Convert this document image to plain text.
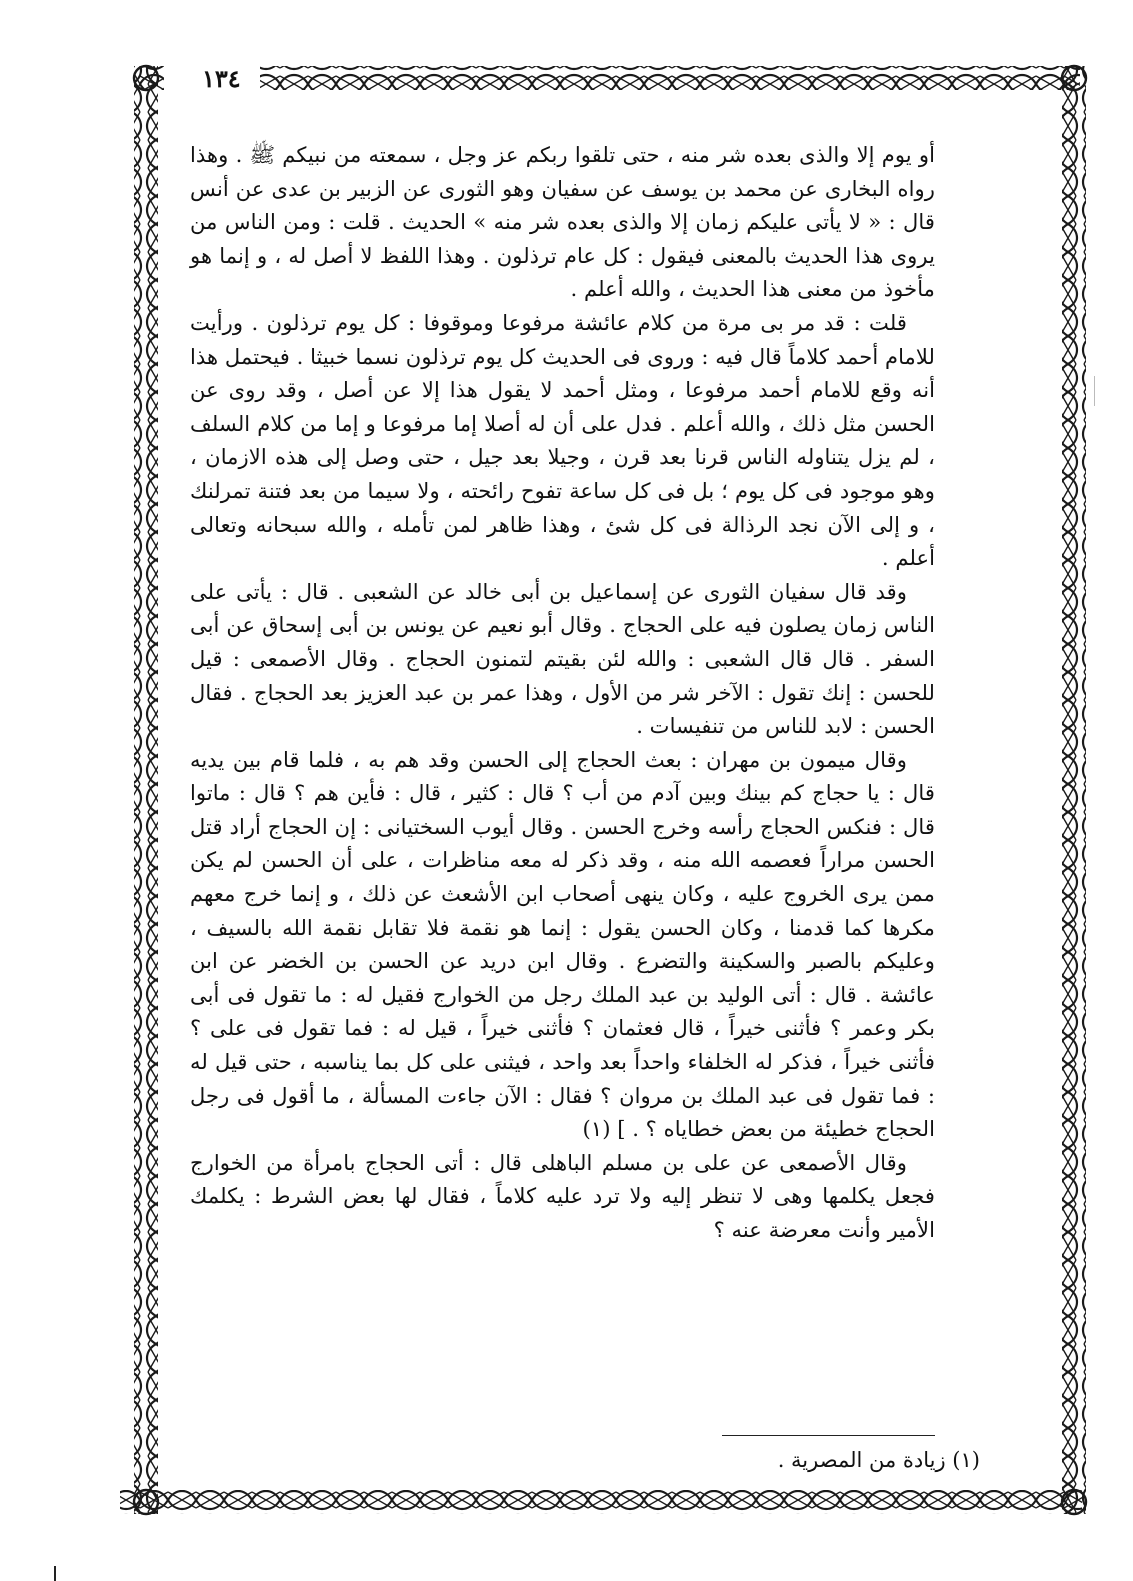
١٣٤

أو يوم إلا والذى بعده شر منه ، حتى تلقوا ربكم عز وجل ، سمعته من نبيكم ﷺ . وهذا رواه البخارى عن محمد بن يوسف عن سفيان وهو الثورى عن الزبير بن عدى عن أنس قال : « لا يأتى عليكم زمان إلا والذى بعده شر منه » الحديث . قلت : ومن الناس من يروى هذا الحديث بالمعنى فيقول : كل عام ترذلون . وهذا اللفظ لا أصل له ، و إنما هو مأخوذ من معنى هذا الحديث ، والله أعلم .

قلت : قد مر بى مرة من كلام عائشة مرفوعا وموقوفا : كل يوم ترذلون . ورأيت للامام أحمد كلاماً قال فيه : وروى فى الحديث كل يوم ترذلون نسما خبيثا . فيحتمل هذا أنه وقع للامام أحمد مرفوعا ، ومثل أحمد لا يقول هذا إلا عن أصل ، وقد روى عن الحسن مثل ذلك ، والله أعلم . فدل على أن له أصلا إما مرفوعا و إما من كلام السلف ، لم يزل يتناوله الناس قرنا بعد قرن ، وجيلا بعد جيل ، حتى وصل إلى هذه الازمان ، وهو موجود فى كل يوم ؛ بل فى كل ساعة تفوح رائحته ، ولا سيما من بعد فتنة تمرلنك ، و إلى الآن نجد الرذالة فى كل شئ ، وهذا ظاهر لمن تأمله ، والله سبحانه وتعالى أعلم .

وقد قال سفيان الثورى عن إسماعيل بن أبى خالد عن الشعبى . قال : يأتى على الناس زمان يصلون فيه على الحجاج . وقال أبو نعيم عن يونس بن أبى إسحاق عن أبى السفر . قال قال الشعبى : والله لئن بقيتم لتمنون الحجاج . وقال الأصمعى : قيل للحسن : إنك تقول : الآخر شر من الأول ، وهذا عمر بن عبد العزيز بعد الحجاج . فقال الحسن : لابد للناس من تنفيسات .

وقال ميمون بن مهران : بعث الحجاج إلى الحسن وقد هم به ، فلما قام بين يديه قال : يا حجاج كم بينك وبين آدم من أب ؟ قال : كثير ، قال : فأين هم ؟ قال : ماتوا قال : فنكس الحجاج رأسه وخرج الحسن . وقال أيوب السختيانى : إن الحجاج أراد قتل الحسن مراراً فعصمه الله منه ، وقد ذكر له معه مناظرات ، على أن الحسن لم يكن ممن يرى الخروج عليه ، وكان ينهى أصحاب ابن الأشعث عن ذلك ، و إنما خرج معهم مكرها كما قدمنا ، وكان الحسن يقول : إنما هو نقمة فلا تقابل نقمة الله بالسيف ، وعليكم بالصبر والسكينة والتضرع . وقال ابن دريد عن الحسن بن الخضر عن ابن عائشة . قال : أتى الوليد بن عبد الملك رجل من الخوارج فقيل له : ما تقول فى أبى بكر وعمر ؟ فأثنى خيراً ، قال فعثمان ؟ فأثنى خيراً ، قيل له : فما تقول فى على ؟ فأثنى خيراً ، فذكر له الخلفاء واحداً بعد واحد ، فيثنى على كل بما يناسبه ، حتى قيل له : فما تقول فى عبد الملك بن مروان ؟ فقال : الآن جاءت المسألة ، ما أقول فى رجل الحجاج خطيئة من بعض خطاياه ؟ . ] (١)

وقال الأصمعى عن على بن مسلم الباهلى قال : أتى الحجاج بامرأة من الخوارج فجعل يكلمها وهى لا تنظر إليه ولا ترد عليه كلاماً ، فقال لها بعض الشرط : يكلمك الأمير وأنت معرضة عنه ؟

(١) زيادة من المصرية .
